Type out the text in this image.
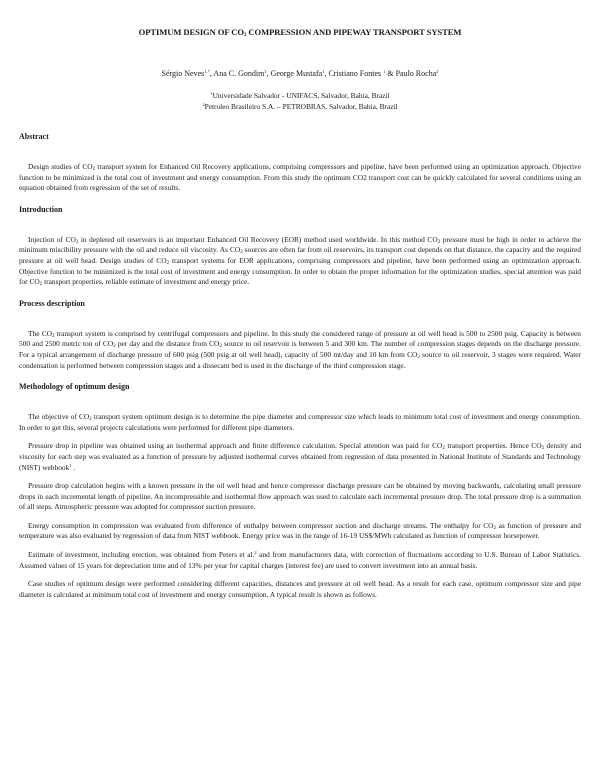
OPTIMUM DESIGN OF $CO_2$ COMPRESSION AND PIPEWAY TRANSPORT SYSTEM
Sérgio Neves$^{1,*}$, Ana C. Gondim$^1$, George Mustafa$^1$, Cristiano Fontes $^1$ & Paulo Rocha$^2$
$^1$Universidade Salvador - UNIFACS, Salvador, Bahia, Brazil
$^2$Petroleo Brasileiro S.A. – PETROBRAS, Salvador, Bahia, Brazil
Abstract

Design studies of $CO_2$ transport system for Enhanced Oil Recovery applications, comprising compressors and pipeline, have been performed using an optimization approach. Objective function to be minimized is the total cost of investment and energy consumption. From this study the optimum CO2 transport cost can be quickly calculated for several conditions using an equation obtained from regression of the set of results.

Introduction

Injection of $CO_2$ in depleted oil reservoirs is an important Enhanced Oil Recovery (EOR) method used worldwide. In this method $CO_2$ pressure must be high in order to achieve the minimum miscibility pressure with the oil and reduce oil viscosity. As $CO_2$ sources are often far from oil reservoirs, its transport cost depends on that distance, the capacity and the required pressure at oil well head. Design studies of $CO_2$ transport systems for EOR applications, comprising compressors and pipeline, have been performed using an optimization approach. Objective function to be minimized is the total cost of investment and energy consumption. In order to obtain the proper information for the optimization studies, special attention was paid for $CO_2$ transport properties, reliable estimate of investment and energy price.

Process description

The $CO_2$ transport system is comprised by centrifugal compressors and pipeline. In this study the considered range of pressure at oil well head is 500 to 2500 psig. Capacity is between 500 and 2500 metric ton of $CO_2$ per day and the distance from $CO_2$ source to oil reservoir is between 5 and 300 km. The number of compression stages depends on the discharge pressure. For a typical arrangement of discharge pressure of 600 psig (500 psig at oil well head), capacity of 500 mt/day and 10 km from $CO_2$ source to oil reservoir, 3 stages were required. Water condensation is performed between compression stages and a dissecant bed is used in the discharge of the third compression stage.

Methodology of optimum design

The objective of $CO_2$ transport system optimum design is to determine the pipe diameter and compressor size which leads to minimum total cost of investment and energy consumption. In order to get this, several projects calculations were performed for different pipe diameters.

Pressure drop in pipeline was obtained using an isothermal approach and finite difference calculation. Special attention was paid for $CO_2$ transport properties. Hence $CO_2$ density and viscosity for each step was evaluated as a function of pressure by adjusted isothermal curves obtained from regression of data presented in National Institute of Standards and Technology (NIST) webbook$^1$ .

Pressure drop calculation begins with a known pressure in the oil well head and hence compressor discharge pressure can be obtained by moving backwards, calculating small pressure drops in each incremental length of pipeline. An incompressible and isothermal flow approach was used to calculate each incremental pressure drop. The total pressure drop is a summation of all steps. Atmospheric pressure was adopted for compressor suction pressure.

Energy consumption in compression was evaluated from difference of enthalpy between compressor suction and discharge streams. The enthalpy for $CO_2$ as function of pressure and temperature was also evaluated by regression of data from NIST webbook. Energy price was in the range of 16-19 US$/MWh calculated as function of compressor horsepower.

Estimate of investment, including erection, was obtained from Peters et al.$^2$ and from manufacturers data, with correction of fluctuations according to U.S. Bureau of Labor Statistics. Assumed values of 15 years for depreciation time and of 13% per year for capital charges (interest fee) are used to convert investment into an annual basis.

Case studies of optimum design were performed considering different capacities, distances and pressure at oil well head. As a result for each case, optimum compressor size and pipe diameter is calculated at minimum total cost of investment and energy consumption. A typical result is shown as follows.
